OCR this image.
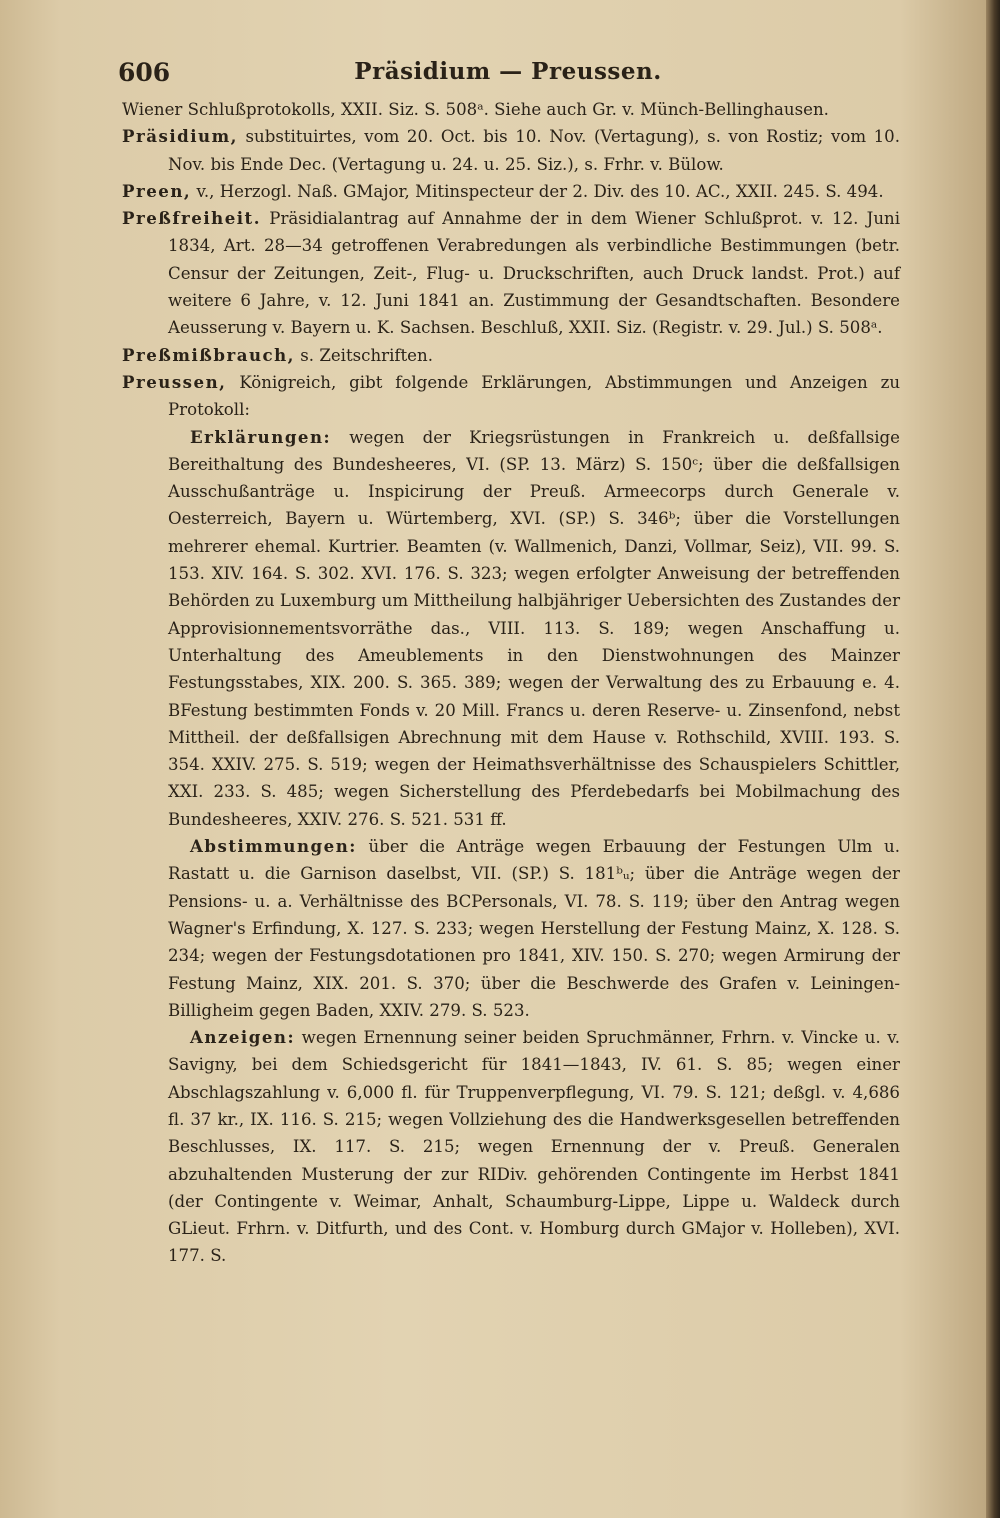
606	Präsidium — Preussen.

Wiener Schlußprotokolls, XXII. Siz. S. 508ᵃ. Siehe auch Gr. v. Münch-Bellinghausen.

Präsidium, substituirtes, vom 20. Oct. bis 10. Nov. (Vertagung), s. von Rostiz; vom 10. Nov. bis Ende Dec. (Vertagung u. 24. u. 25. Siz.), s. Frhr. v. Bülow.

Preen, v., Herzogl. Naß. GMajor, Mitinspecteur der 2. Div. des 10. AC., XXII. 245. S. 494.

Preßfreiheit. Präsidialantrag auf Annahme der in dem Wiener Schlußprot. v. 12. Juni 1834, Art. 28—34 getroffenen Verabredungen als verbindliche Bestimmungen (betr. Censur der Zeitungen, Zeit-, Flug- u. Druckschriften, auch Druck landst. Prot.) auf weitere 6 Jahre, v. 12. Juni 1841 an. Zustimmung der Gesandtschaften. Besondere Aeusserung v. Bayern u. K. Sachsen. Beschluß, XXII. Siz. (Registr. v. 29. Jul.) S. 508ᵃ.

Preßmißbrauch, s. Zeitschriften.

Preussen, Königreich, gibt folgende Erklärungen, Abstimmungen und Anzeigen zu Protokoll:

Erklärungen: wegen der Kriegsrüstungen in Frankreich u. deßfallsige Bereithaltung des Bundesheeres, VI. (SP. 13. März) S. 150ᶜ; über die deßfallsigen Ausschußanträge u. Inspicirung der Preuß. Armeecorps durch Generale v. Oesterreich, Bayern u. Würtemberg, XVI. (SP.) S. 346ᵇ; über die Vorstellungen mehrerer ehemal. Kurtrier. Beamten (v. Wallmenich, Danzi, Vollmar, Seiz), VII. 99. S. 153. XIV. 164. S. 302. XVI. 176. S. 323; wegen erfolgter Anweisung der betreffenden Behörden zu Luxemburg um Mittheilung halbjähriger Uebersichten des Zustandes der Approvisionnementsvorräthe das., VIII. 113. S. 189; wegen Anschaffung u. Unterhaltung des Ameublements in den Dienstwohnungen des Mainzer Festungsstabes, XIX. 200. S. 365. 389; wegen der Verwaltung des zu Erbauung e. 4. BFestung bestimmten Fonds v. 20 Mill. Francs u. deren Reserve- u. Zinsenfond, nebst Mittheil. der deßfallsigen Abrechnung mit dem Hause v. Rothschild, XVIII. 193. S. 354. XXIV. 275. S. 519; wegen der Heimathsverhältnisse des Schauspielers Schittler, XXI. 233. S. 485; wegen Sicherstellung des Pferdebedarfs bei Mobilmachung des Bundesheeres, XXIV. 276. S. 521. 531 ff.

Abstimmungen: über die Anträge wegen Erbauung der Festungen Ulm u. Rastatt u. die Garnison daselbst, VII. (SP.) S. 181ᵇᵤ; über die Anträge wegen der Pensions- u. a. Verhältnisse des BCPersonals, VI. 78. S. 119; über den Antrag wegen Wagner's Erfindung, X. 127. S. 233; wegen Herstellung der Festung Mainz, X. 128. S. 234; wegen der Festungsdotationen pro 1841, XIV. 150. S. 270; wegen Armirung der Festung Mainz, XIX. 201. S. 370; über die Beschwerde des Grafen v. Leiningen-Billigheim gegen Baden, XXIV. 279. S. 523.

Anzeigen: wegen Ernennung seiner beiden Spruchmänner, Frhrn. v. Vincke u. v. Savigny, bei dem Schiedsgericht für 1841—1843, IV. 61. S. 85; wegen einer Abschlagszahlung v. 6,000 fl. für Truppenverpflegung, VI. 79. S. 121; deßgl. v. 4,686 fl. 37 kr., IX. 116. S. 215; wegen Vollziehung des die Handwerksgesellen betreffenden Beschlusses, IX. 117. S. 215; wegen Ernennung der v. Preuß. Generalen abzuhaltenden Musterung der zur RIDiv. gehörenden Contingente im Herbst 1841 (der Contingente v. Weimar, Anhalt, Schaumburg-Lippe, Lippe u. Waldeck durch GLieut. Frhrn. v. Ditfurth, und des Cont. v. Homburg durch GMajor v. Holleben), XVI. 177. S.
